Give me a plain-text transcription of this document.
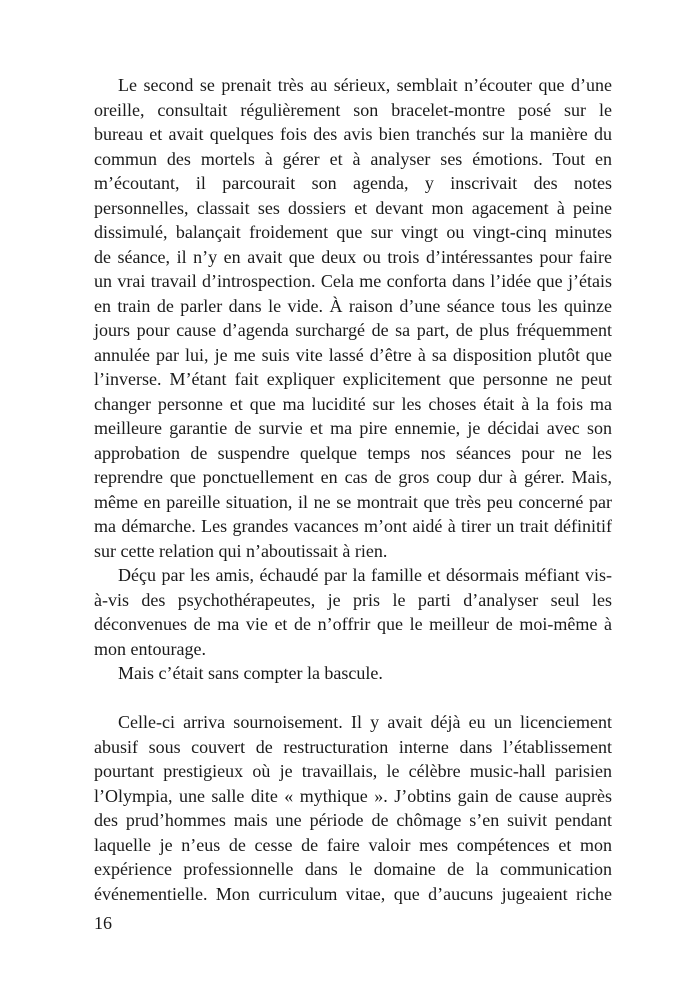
Le second se prenait très au sérieux, semblait n’écouter que d’une
oreille, consultait régulièrement son bracelet-montre posé sur le
bureau et avait quelques fois des avis bien tranchés sur la manière du
commun des mortels à gérer et à analyser ses émotions. Tout en
m’écoutant, il parcourait son agenda, y inscrivait des notes
personnelles, classait ses dossiers et devant mon agacement à peine
dissimulé, balançait froidement que sur vingt ou vingt-cinq minutes
de séance, il n’y en avait que deux ou trois d’intéressantes pour faire
un vrai travail d’introspection. Cela me conforta dans l’idée que j’étais
en train de parler dans le vide. À raison d’une séance tous les quinze
jours pour cause d’agenda surchargé de sa part, de plus fréquemment
annulée par lui, je me suis vite lassé d’être à sa disposition plutôt que
l’inverse. M’étant fait expliquer explicitement que personne ne peut
changer personne et que ma lucidité sur les choses était à la fois ma
meilleure garantie de survie et ma pire ennemie, je décidai avec son
approbation de suspendre quelque temps nos séances pour ne les
reprendre que ponctuellement en cas de gros coup dur à gérer. Mais,
même en pareille situation, il ne se montrait que très peu concerné par
ma démarche. Les grandes vacances m’ont aidé à tirer un trait définitif
sur cette relation qui n’aboutissait à rien.
Déçu par les amis, échaudé par la famille et désormais méfiant vis-
à-vis des psychothérapeutes, je pris le parti d’analyser seul les
déconvenues de ma vie et de n’offrir que le meilleur de moi-même à
mon entourage.
Mais c’était sans compter la bascule.
Celle-ci arriva sournoisement. Il y avait déjà eu un licenciement
abusif sous couvert de restructuration interne dans l’établissement
pourtant prestigieux où je travaillais, le célèbre music-hall parisien
l’Olympia, une salle dite « mythique ». J’obtins gain de cause auprès
des prud’hommes mais une période de chômage s’en suivit pendant
laquelle je n’eus de cesse de faire valoir mes compétences et mon
expérience professionnelle dans le domaine de la communication
événementielle. Mon curriculum vitae, que d’aucuns jugeaient riche
16
